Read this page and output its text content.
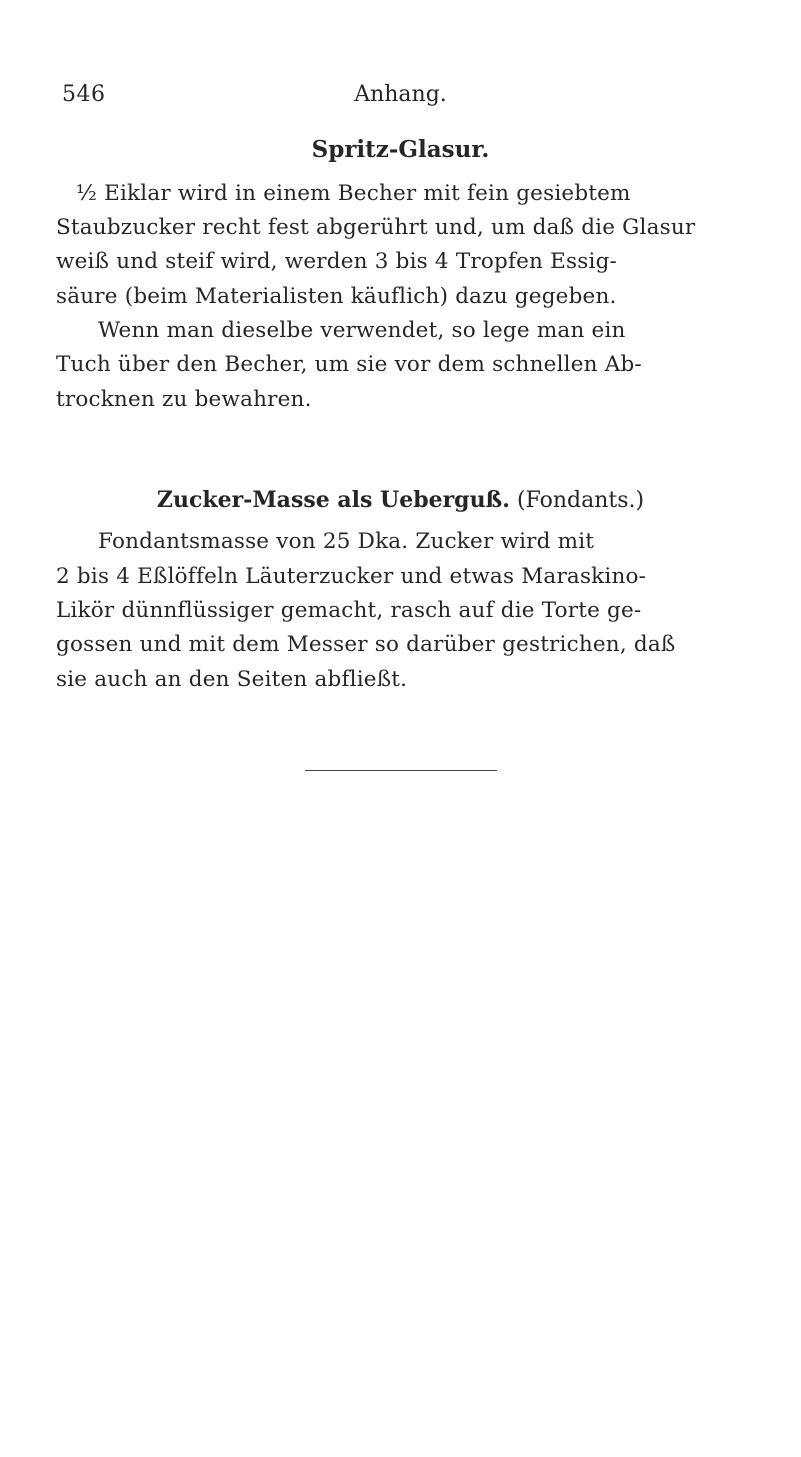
546	Anhang.
Spritz-Glasur.
½ Eiklar wird in einem Becher mit fein gesiebtem
Staubzucker recht fest abgerührt und, um daß die Glasur
weiß und steif wird, werden 3 bis 4 Tropfen Essig-
säure (beim Materialisten käuflich) dazu gegeben.
Wenn man dieselbe verwendet, so lege man ein
Tuch über den Becher, um sie vor dem schnellen Ab-
trocknen zu bewahren.
Zucker-Masse als Ueberguß. (Fondants.)
Fondantsmasse von 25 Dka. Zucker wird mit
2 bis 4 Eßlöffeln Läuterzucker und etwas Maraskino-
Likör dünnflüssiger gemacht, rasch auf die Torte ge-
gossen und mit dem Messer so darüber gestrichen, daß
sie auch an den Seiten abfließt.
